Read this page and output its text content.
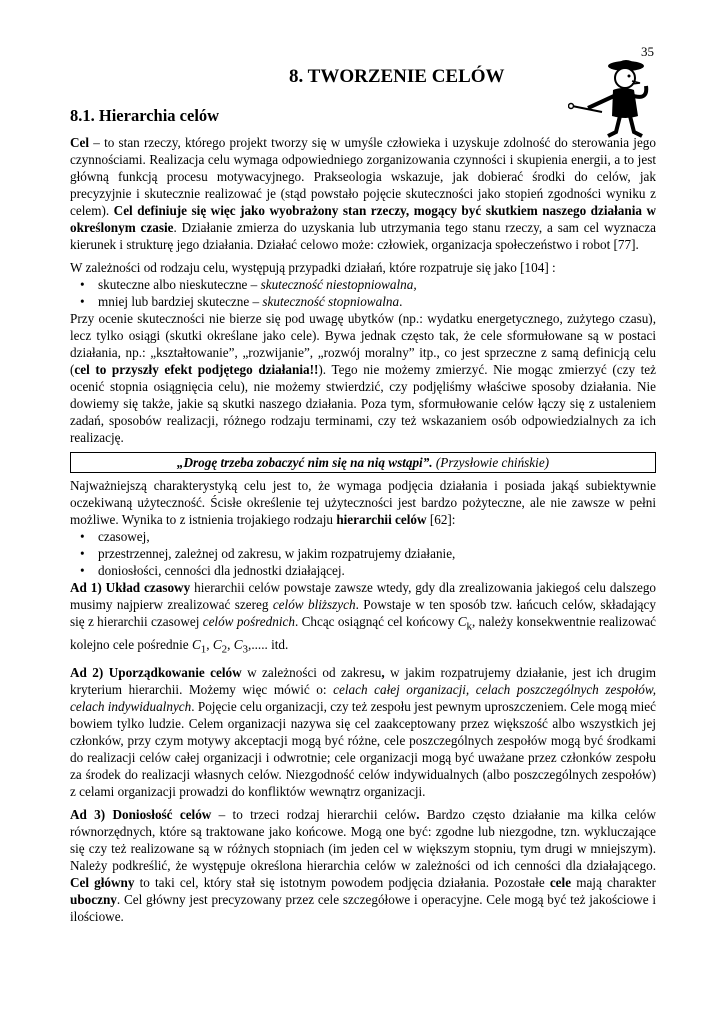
35
8. TWORZENIE CELÓW
8.1. Hierarchia celów

Cel – to stan rzeczy, którego projekt tworzy się w umyśle człowieka i uzyskuje zdolność do sterowania jego czynnościami. Realizacja celu wymaga odpowiedniego zorganizowania czynności i skupienia energii, a to jest główną funkcją procesu motywacyjnego. Prakseologia wskazuje, jak dobierać środki do celów, jak precyzyjnie i skutecznie realizować je (stąd powstało pojęcie skuteczności jako stopień zgodności wyniku z celem). Cel definiuje się więc jako wyobrażony stan rzeczy, mogący być skutkiem naszego działania w określonym czasie. Działanie zmierza do uzyskania lub utrzymania tego stanu rzeczy, a sam cel wyznacza kierunek i strukturę jego działania. Działać celowo może: człowiek, organizacja społeczeństwo i robot [77].

W zależności od rodzaju celu, występują przypadki działań, które rozpatruje się jako [104] :
• skuteczne albo nieskuteczne – skuteczność niestopniowalna,
• mniej lub bardziej skuteczne – skuteczność stopniowalna.

Przy ocenie skuteczności nie bierze się pod uwagę ubytków (np.: wydatku energetycznego, zużytego czasu), lecz tylko osiągi (skutki określane jako cele). Bywa jednak często tak, że cele sformułowane są w postaci działania, np.: „kształtowanie”, „rozwijanie”, „rozwój moralny” itp., co jest sprzeczne z samą definicją celu (cel to przyszły efekt podjętego działania!!). Tego nie możemy zmierzyć. Nie mogąc zmierzyć (czy też ocenić stopnia osiągnięcia celu), nie możemy stwierdzić, czy podjęliśmy właściwe sposoby działania. Nie dowiemy się także, jakie są skutki naszego działania. Poza tym, sformułowanie celów łączy się z ustaleniem zadań, sposobów realizacji, różnego rodzaju terminami, czy też wskazaniem osób odpowiedzialnych za ich realizację.

„Drogę trzeba zobaczyć nim się na nią wstąpi”. (Przysłowie chińskie)
Najważniejszą charakterystyką celu jest to, że wymaga podjęcia działania i posiada jakąś subiektywnie oczekiwaną użyteczność. Ścisłe określenie tej użyteczności jest bardzo pożyteczne, ale nie zawsze w pełni możliwe. Wynika to z istnienia trojakiego rodzaju hierarchii celów [62]:
• czasowej,
• przestrzennej, zależnej od zakresu, w jakim rozpatrujemy działanie,
• doniosłości, cenności dla jednostki działającej.

Ad 1) Układ czasowy hierarchii celów powstaje zawsze wtedy, gdy dla zrealizowania jakiegoś celu dalszego musimy najpierw zrealizować szereg celów bliższych. Powstaje w ten sposób tzw. łańcuch celów, składający się z hierarchii czasowej celów pośrednich. Chcąc osiągnąć cel końcowy $C_k$, należy konsekwentnie realizować kolejno cele pośrednie $C_1$, $C_2$, $C_3$,..... itd.

Ad 2) Uporządkowanie celów w zależności od zakresu, w jakim rozpatrujemy działanie, jest ich drugim kryterium hierarchii. Możemy więc mówić o: celach całej organizacji, celach poszczególnych zespołów, celach indywidualnych. Pojęcie celu organizacji, czy też zespołu jest pewnym uproszczeniem. Cele mogą mieć bowiem tylko ludzie. Celem organizacji nazywa się cel zaakceptowany przez większość albo wszystkich jej członków, przy czym motywy akceptacji mogą być różne, cele poszczególnych zespołów mogą być środkami do realizacji celów całej organizacji i odwrotnie; cele organizacji mogą być uważane przez członków zespołu za środek do realizacji własnych celów. Niezgodność celów indywidualnych (albo poszczególnych zespołów) z celami organizacji prowadzi do konfliktów wewnątrz organizacji.

Ad 3) Doniosłość celów – to trzeci rodzaj hierarchii celów. Bardzo często działanie ma kilka celów równorzędnych, które są traktowane jako końcowe. Mogą one być: zgodne lub niezgodne, tzn. wykluczające się czy też realizowane są w różnych stopniach (im jeden cel w większym stopniu, tym drugi w mniejszym). Należy podkreślić, że występuje określona hierarchia celów w zależności od ich cenności dla działającego. Cel główny to taki cel, który stał się istotnym powodem podjęcia działania. Pozostałe cele mają charakter uboczny. Cel główny jest precyzowany przez cele szczegółowe i operacyjne. Cele mogą być też jakościowe i ilościowe.
